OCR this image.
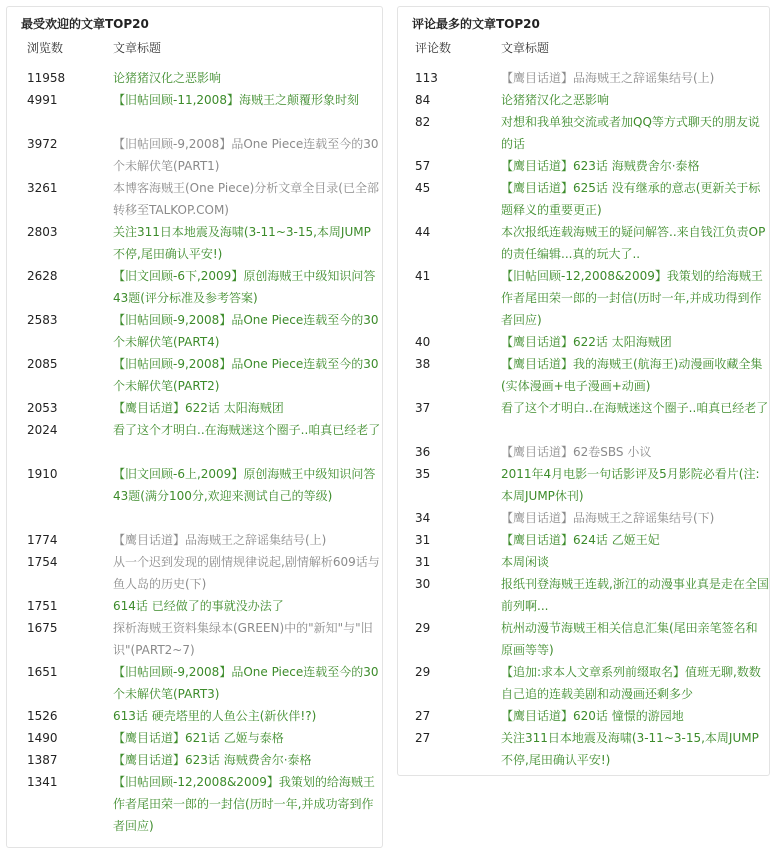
最受欢迎的文章TOP20
浏览数	文章标题
11958	论猪猪汉化之恶影响
4991	【旧帖回顾-11,2008】海贼王之颠覆形象时刻
3972	【旧帖回顾-9,2008】品One Piece连载至今的30个未解伏笔(PART1)
3261	本博客海贼王(One Piece)分析文章全目录(已全部转移至TALKOP.COM)
2803	关注311日本地震及海啸(3-11~3-15,本周JUMP不停,尾田确认平安!)
2628	【旧文回顾-6下,2009】原创海贼王中级知识问答43题(评分标准及参考答案)
2583	【旧帖回顾-9,2008】品One Piece连载至今的30个未解伏笔(PART4)
2085	【旧帖回顾-9,2008】品One Piece连载至今的30个未解伏笔(PART2)
2053	【鹰目话道】622话 太阳海贼团
2024	看了这个才明白..在海贼迷这个圈子..咱真已经老了
1910	【旧文回顾-6上,2009】原创海贼王中级知识问答43题(满分100分,欢迎来测试自己的等级)
1774	【鹰目话道】品海贼王之辞谣集结号(上)
1754	从一个迟到发现的剧情规律说起,剧情解析609话与鱼人岛的历史(下)
1751	614话 已经做了的事就没办法了
1675	探析海贼王资料集绿本(GREEN)中的"新知"与"旧识"(PART2~7)
1651	【旧帖回顾-9,2008】品One Piece连载至今的30个未解伏笔(PART3)
1526	613话 硬壳塔里的人鱼公主(新伙伴!?)
1490	【鹰目话道】621话 乙姬与泰格
1387	【鹰目话道】623话 海贼费舍尔·泰格
1341	【旧帖回顾-12,2008&2009】我策划的给海贼王作者尾田荣一郎的一封信(历时一年,并成功寄到作者回应)
评论最多的文章TOP20
评论数	文章标题
113	【鹰目话道】品海贼王之辞谣集结号(上)
84	论猪猪汉化之恶影响
82	对想和我单独交流或者加QQ等方式聊天的朋友说的话
57	【鹰目话道】623话 海贼费舍尔·泰格
45	【鹰目话道】625话 没有继承的意志(更新关于标题释义的重要更正)
44	本次报纸连载海贼王的疑问解答..来自钱江负责OP的责任编辑...真的玩大了..
41	【旧帖回顾-12,2008&2009】我策划的给海贼王作者尾田荣一郎的一封信(历时一年,并成功得到作者回应)
40	【鹰目话道】622话 太阳海贼团
38	【鹰目话道】我的海贼王(航海王)动漫画收藏全集(实体漫画+电子漫画+动画)
37	看了这个才明白..在海贼迷这个圈子..咱真已经老了
36	【鹰目话道】62卷SBS 小议
35	2011年4月电影一句话影评及5月影院必看片(注:本周JUMP休刊)
34	【鹰目话道】品海贼王之辞谣集结号(下)
31	【鹰目话道】624话 乙姬王妃
31	本周闲谈
30	报纸刊登海贼王连载,浙江的动漫事业真是走在全国前列啊...
29	杭州动漫节海贼王相关信息汇集(尾田亲笔签名和原画等等)
29	【追加:求本人文章系列前缀取名】值班无聊,数数自己追的连载美剧和动漫画还剩多少
27	【鹰目话道】620话 憧憬的游园地
27	关注311日本地震及海啸(3-11~3-15,本周JUMP不停,尾田确认平安!)
